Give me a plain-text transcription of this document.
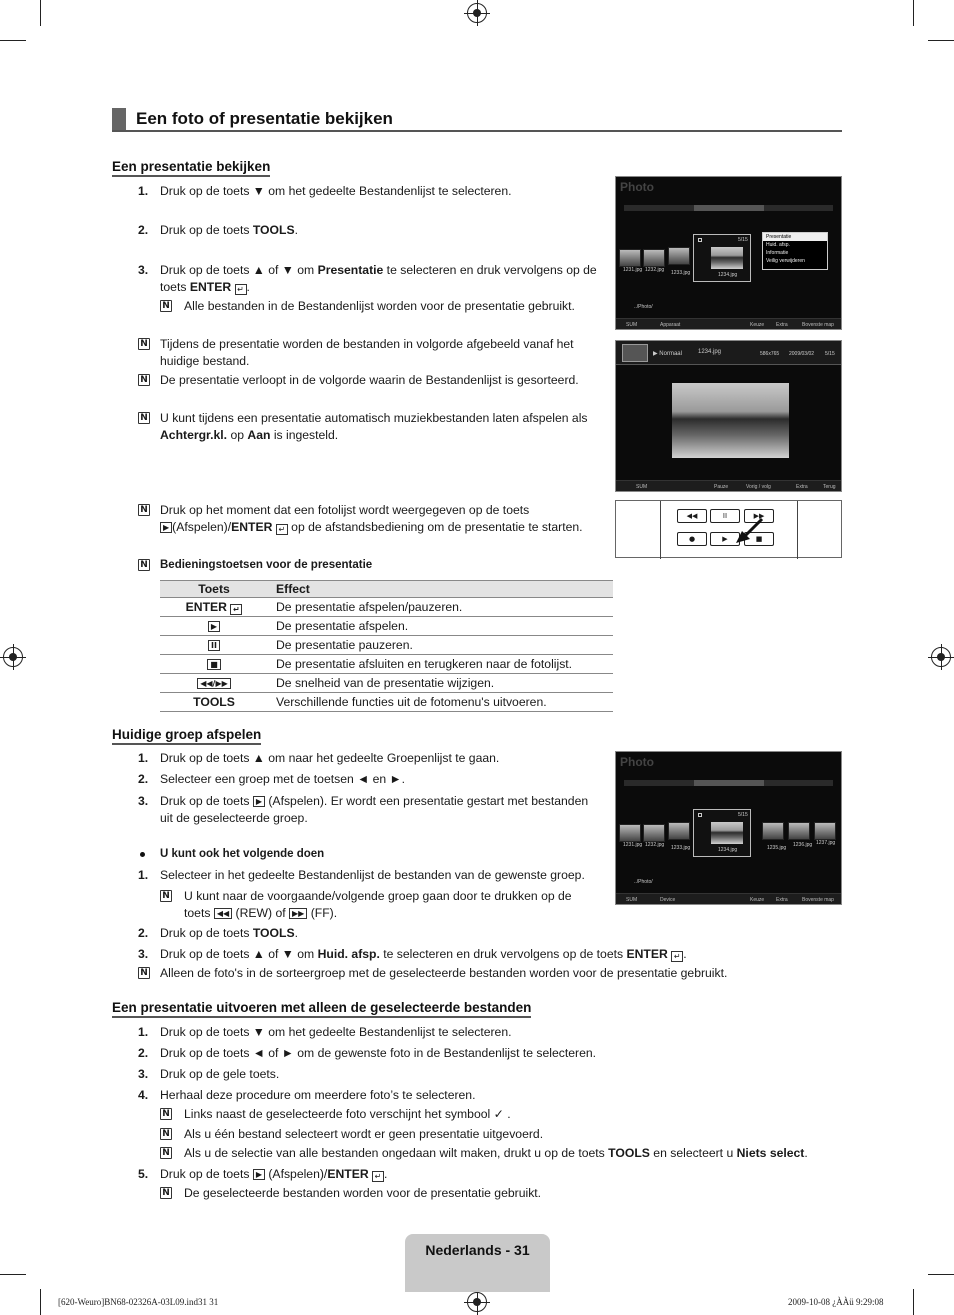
Een foto of presentatie bekijken
Een presentatie bekijken
1. Druk op de toets ▼ om het gedeelte Bestandenlijst te selecteren.
2. Druk op de toets TOOLS.
3. Druk op de toets ▲ of ▼ om Presentatie te selecteren en druk vervolgens op de
toets ENTER ↵ .
N Alle bestanden in de Bestandenlijst worden voor de presentatie gebruikt.
N Tijdens de presentatie worden de bestanden in volgorde afgebeeld vanaf het
huidige bestand.
N De presentatie verloopt in de volgorde waarin de Bestandenlijst is gesorteerd.
N U kunt tijdens een presentatie automatisch muziekbestanden laten afspelen als
Achtergr.kl. op Aan is ingesteld.
N Druk op het moment dat een fotolijst wordt weergegeven op de toets
▶ (Afspelen)/ENTER ↵ op de afstandsbediening om de presentatie te starten.
N Bedieningstoetsen voor de presentatie
Toets	Effect
ENTER ↵	De presentatie afspelen/pauzeren.
▶	De presentatie afspelen.
II	De presentatie pauzeren.
■	De presentatie afsluiten en terugkeren naar de fotolijst.
◀◀/▶▶	De snelheid van de presentatie wijzigen.
TOOLS	Verschillende functies uit de fotomenu's uitvoeren.
Huidige groep afspelen
1. Druk op de toets ▲ om naar het gedeelte Groepenlijst te gaan.
2. Selecteer een groep met de toetsen ◄ en ►.
3. Druk op de toets ▶ (Afspelen). Er wordt een presentatie gestart met bestanden
uit de geselecteerde groep.
U kunt ook het volgende doen
1. Selecteer in het gedeelte Bestandenlijst de bestanden van de gewenste groep.
N U kunt naar de voorgaande/volgende groep gaan door te drukken op de
toets ◀◀ (REW) of ▶▶ (FF).
2. Druk op de toets TOOLS.
3. Druk op de toets ▲ of ▼ om Huid. afsp. te selecteren en druk vervolgens op de toets ENTER ↵ .
N Alleen de foto's in de sorteergroep met de geselecteerde bestanden worden voor de presentatie gebruikt.
Een presentatie uitvoeren met alleen de geselecteerde bestanden
1. Druk op de toets ▼ om het gedeelte Bestandenlijst te selecteren.
2. Druk op de toets ◄ of ► om de gewenste foto in de Bestandenlijst te selecteren.
3. Druk op de gele toets.
4. Herhaal deze procedure om meerdere foto’s te selecteren.
N Links naast de geselecteerde foto verschijnt het symbool ✓ .
N Als u één bestand selecteert wordt er geen presentatie uitgevoerd.
N Als u de selectie van alle bestanden ongedaan wilt maken, drukt u op de toets TOOLS en selecteert u Niets select.
5. Druk op de toets ▶ (Afspelen)/ENTER ↵ .
N De geselecteerde bestanden worden voor de presentatie gebruikt.
Photo
1231.jpg 1232.jpg 1233.jpg
5/15
1234.jpg
Presentatie
Huid. afsp.
Informatie
Veilig verwijderen
../Photo/
SUM	Apparaat	Keuze Extra	Bovenste map
▶ Normaal	1234.jpg	586x765 2009/03/02 5/15
SUM	Pauze	Vorig / volg	Extra	Terug
◀◀	II	▶▶
●	▶	■
Photo
1231.jpg 1232.jpg 1233.jpg	1235.jpg 1236.jpg 1237.jpg
5/15
1234.jpg
../Photo/
SUM	Device	Keuze Extra	Bovenste map
Nederlands - 31
[620-Weuro]BN68-02326A-03L09.ind31 31	2009-10-08 ¿ÀÀü 9:29:08
